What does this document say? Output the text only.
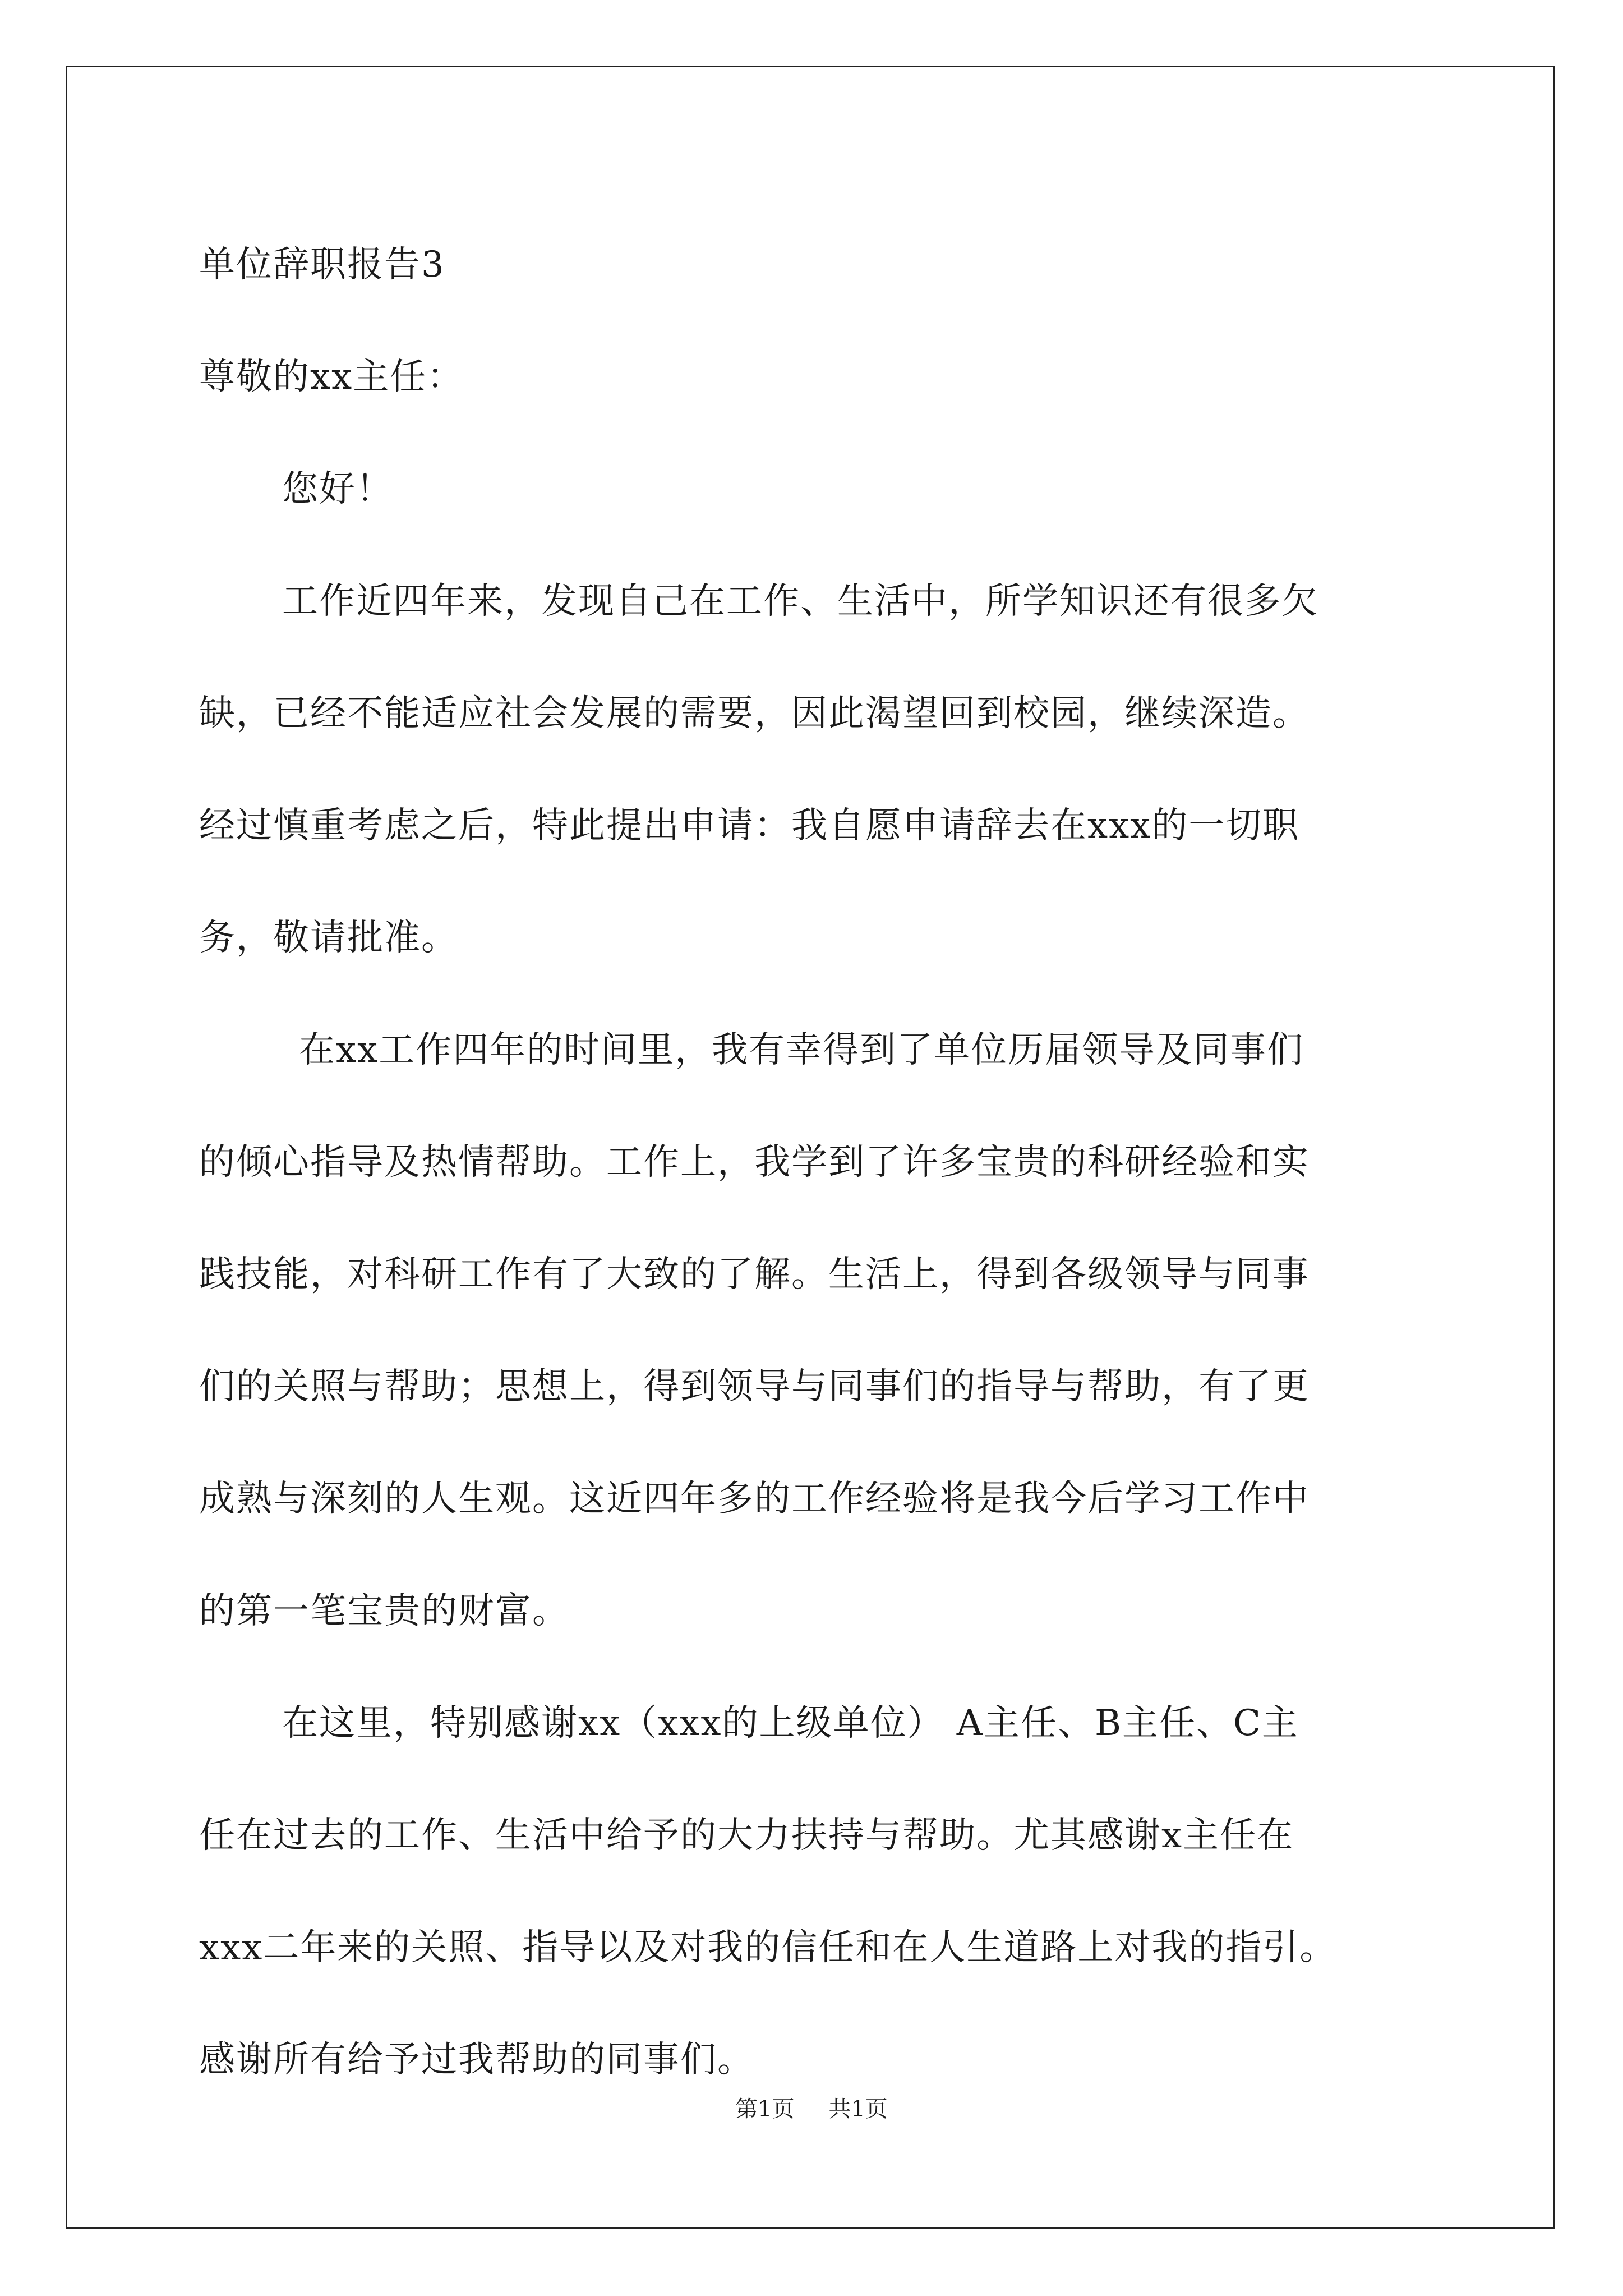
单位辞职报告3
尊敬的xx主任：
您好！
工作近四年来，发现自己在工作、生活中，所学知识还有很多欠
缺，已经不能适应社会发展的需要，因此渴望回到校园，继续深造。
经过慎重考虑之后，特此提出申请：我自愿申请辞去在xxx的一切职
务，敬请批准。
在xx工作四年的时间里，我有幸得到了单位历届领导及同事们
的倾心指导及热情帮助。工作上，我学到了许多宝贵的科研经验和实
践技能，对科研工作有了大致的了解。生活上，得到各级领导与同事
们的关照与帮助；思想上，得到领导与同事们的指导与帮助，有了更
成熟与深刻的人生观。这近四年多的工作经验将是我今后学习工作中
的第一笔宝贵的财富。
在这里，特别感谢xx（xxx的上级单位） A主任、B主任、C主
任在过去的工作、生活中给予的大力扶持与帮助。尤其感谢x主任在
xxx二年来的关照、指导以及对我的信任和在人生道路上对我的指引。
感谢所有给予过我帮助的同事们。
第1页 共1页
